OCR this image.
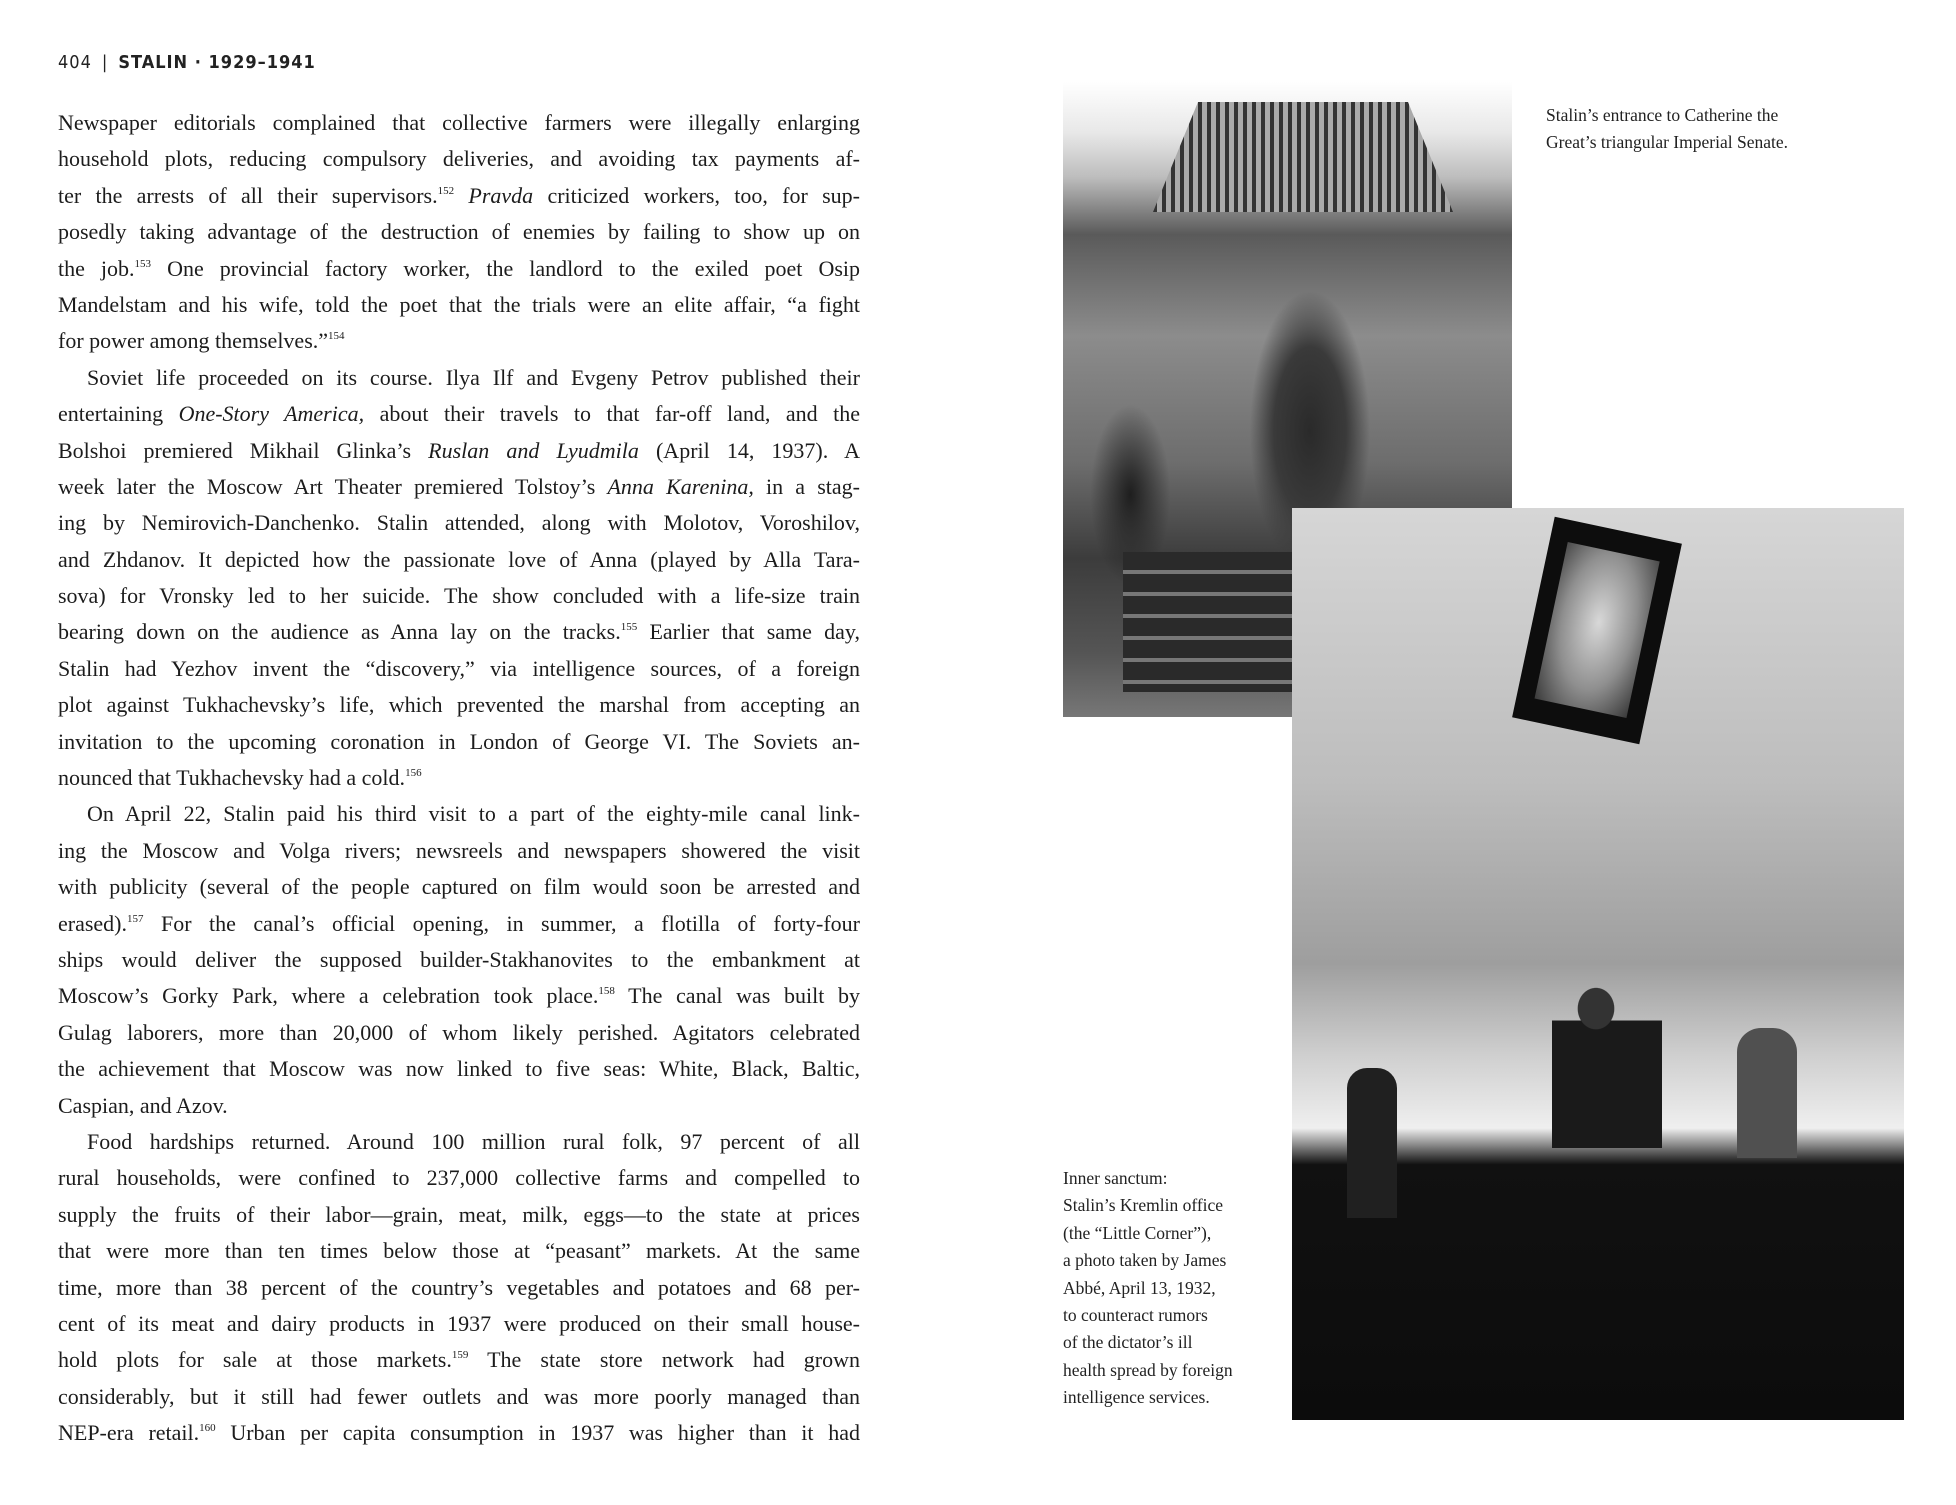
404 | STALIN · 1929–1941
Newspaper editorials complained that collective farmers were illegally enlarging
household plots, reducing compulsory deliveries, and avoiding tax payments af-
ter the arrests of all their supervisors.$^{152}$ Pravda criticized workers, too, for sup-
posedly taking advantage of the destruction of enemies by failing to show up on
the job.$^{153}$ One provincial factory worker, the landlord to the exiled poet Osip
Mandelstam and his wife, told the poet that the trials were an elite affair, “a fight
for power among themselves.”$^{154}$
Soviet life proceeded on its course. Ilya Ilf and Evgeny Petrov published their
entertaining One-Story America, about their travels to that far-off land, and the
Bolshoi premiered Mikhail Glinka’s Ruslan and Lyudmila (April 14, 1937). A
week later the Moscow Art Theater premiered Tolstoy’s Anna Karenina, in a stag-
ing by Nemirovich-Danchenko. Stalin attended, along with Molotov, Voroshilov,
and Zhdanov. It depicted how the passionate love of Anna (played by Alla Tara-
sova) for Vronsky led to her suicide. The show concluded with a life-size train
bearing down on the audience as Anna lay on the tracks.$^{155}$ Earlier that same day,
Stalin had Yezhov invent the “discovery,” via intelligence sources, of a foreign
plot against Tukhachevsky’s life, which prevented the marshal from accepting an
invitation to the upcoming coronation in London of George VI. The Soviets an-
nounced that Tukhachevsky had a cold.$^{156}$
On April 22, Stalin paid his third visit to a part of the eighty-mile canal link-
ing the Moscow and Volga rivers; newsreels and newspapers showered the visit
with publicity (several of the people captured on film would soon be arrested and
erased).$^{157}$ For the canal’s official opening, in summer, a flotilla of forty-four
ships would deliver the supposed builder-Stakhanovites to the embankment at
Moscow’s Gorky Park, where a celebration took place.$^{158}$ The canal was built by
Gulag laborers, more than 20,000 of whom likely perished. Agitators celebrated
the achievement that Moscow was now linked to five seas: White, Black, Baltic,
Caspian, and Azov.
Food hardships returned. Around 100 million rural folk, 97 percent of all
rural households, were confined to 237,000 collective farms and compelled to
supply the fruits of their labor—grain, meat, milk, eggs—to the state at prices
that were more than ten times below those at “peasant” markets. At the same
time, more than 38 percent of the country’s vegetables and potatoes and 68 per-
cent of its meat and dairy products in 1937 were produced on their small house-
hold plots for sale at those markets.$^{159}$ The state store network had grown
considerably, but it still had fewer outlets and was more poorly managed than
NEP-era retail.$^{160}$ Urban per capita consumption in 1937 was higher than it had
Stalin’s entrance to Catherine the
Great’s triangular Imperial Senate.
Inner sanctum:
Stalin’s Kremlin office
(the “Little Corner”),
a photo taken by James
Abbé, April 13, 1932,
to counteract rumors
of the dictator’s ill
health spread by foreign
intelligence services.
